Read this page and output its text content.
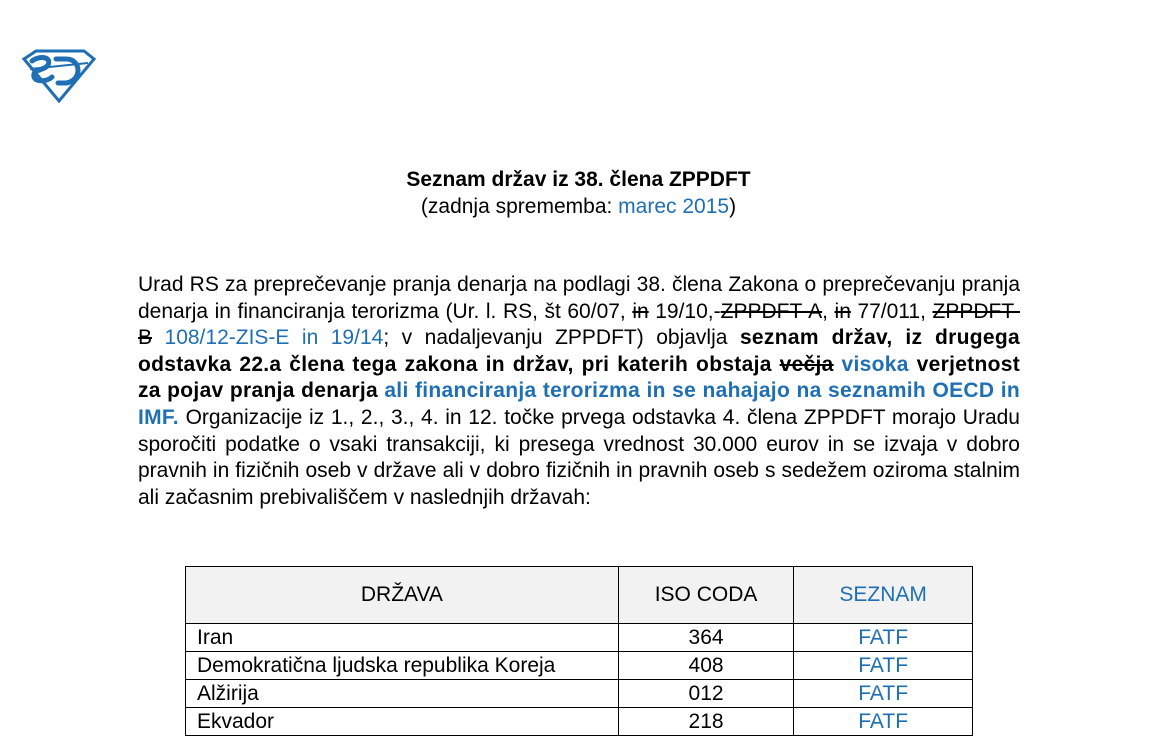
Seznam držav iz 38. člena ZPPDFT
(zadnja sprememba: marec 2015)
Urad RS za preprečevanje pranja denarja na podlagi 38. člena Zakona o preprečevanju pranja denarja in financiranja terorizma (Ur. l. RS, št 60/07, in 19/10,-ZPPDFT-A, in 77/011, ZPPDFT-B 108/12-ZIS-E in 19/14; v nadaljevanju ZPPDFT) objavlja seznam držav, iz drugega odstavka 22.a člena tega zakona in držav, pri katerih obstaja večja visoka verjetnost za pojav pranja denarja ali financiranja terorizma in se nahajajo na seznamih OECD in IMF. Organizacije iz 1., 2., 3., 4. in 12. točke prvega odstavka 4. člena ZPPDFT morajo Uradu sporočiti podatke o vsaki transakciji, ki presega vrednost 30.000 eurov in se izvaja v dobro pravnih in fizičnih oseb v države ali v dobro fizičnih in pravnih oseb s sedežem oziroma stalnim ali začasnim prebivališčem v naslednjih državah:
DRŽAVA	ISO CODA	SEZNAM
Iran	364	FATF
Demokratična ljudska republika Koreja	408	FATF
Alžirija	012	FATF
Ekvador	218	FATF
